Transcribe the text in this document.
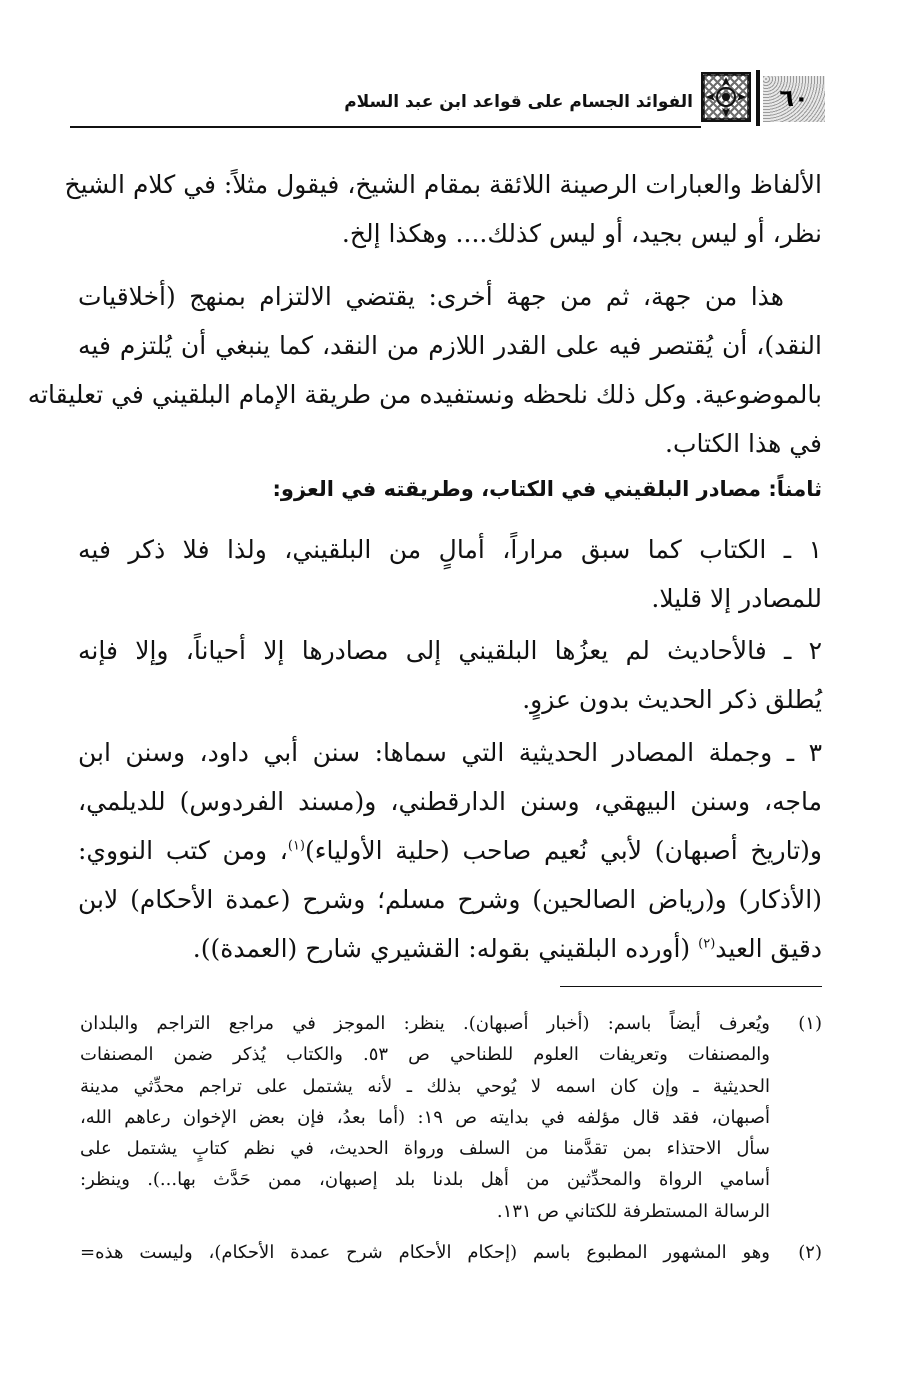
الفوائد الجسام على قواعد ابن عبد السلام	٦٠
الألفاظ والعبارات الرصينة اللائقة بمقام الشيخ، فيقول مثلاً: في كلام الشيخ
نظر، أو ليس بجيد، أو ليس كذلك.... وهكذا إلخ.
هذا من جهة، ثم من جهة أخرى: يقتضي الالتزام بمنهج (أخلاقيات
النقد)، أن يُقتصر فيه على القدر اللازم من النقد، كما ينبغي أن يُلتزم فيه
بالموضوعية. وكل ذلك نلحظه ونستفيده من طريقة الإمام البلقيني في تعليقاته
في هذا الكتاب.
ثامناً: مصادر البلقيني في الكتاب، وطريقته في العزو:
١ ـ الكتاب كما سبق مراراً، أمالٍ من البلقيني، ولذا فلا ذكر فيه
للمصادر إلا قليلا.
٢ ـ فالأحاديث لم يعزُها البلقيني إلى مصادرها إلا أحياناً، وإلا فإنه
يُطلق ذكر الحديث بدون عزوٍ.
٣ ـ وجملة المصادر الحديثية التي سماها: سنن أبي داود، وسنن ابن
ماجه، وسنن البيهقي، وسنن الدارقطني، و(مسند الفردوس) للديلمي،
و(تاريخ أصبهان) لأبي نُعيم صاحب (حلية الأولياء)$^{(١)}$، ومن كتب النووي:
(الأذكار) و(رياض الصالحين) وشرح مسلم؛ وشرح (عمدة الأحكام) لابن
دقيق العيد$^{(٢)}$ (أورده البلقيني بقوله: القشيري شارح (العمدة)).
(١)
ويُعرف أيضاً باسم: (أخبار أصبهان). ينظر: الموجز في مراجع التراجم والبلدان
والمصنفات وتعريفات العلوم للطناحي ص ٥٣. والكتاب يُذكر ضمن المصنفات
الحديثية ـ وإن كان اسمه لا يُوحي بذلك ـ لأنه يشتمل على تراجم محدِّثي مدينة
أصبهان، فقد قال مؤلفه في بدايته ص ١٩: (أما بعدُ، فإن بعض الإخوان رعاهم الله،
سأل الاحتذاء بمن تقدَّمنا من السلف ورواة الحديث، في نظم كتابٍ يشتمل على
أسامي الرواة والمحدِّثين من أهل بلدنا بلد إصبهان، ممن حَدَّث بها...). وينظر:
الرسالة المستطرفة للكتاني ص ١٣١.
(٢)
وهو المشهور المطبوع باسم (إحكام الأحكام شرح عمدة الأحكام)، وليست هذه=
